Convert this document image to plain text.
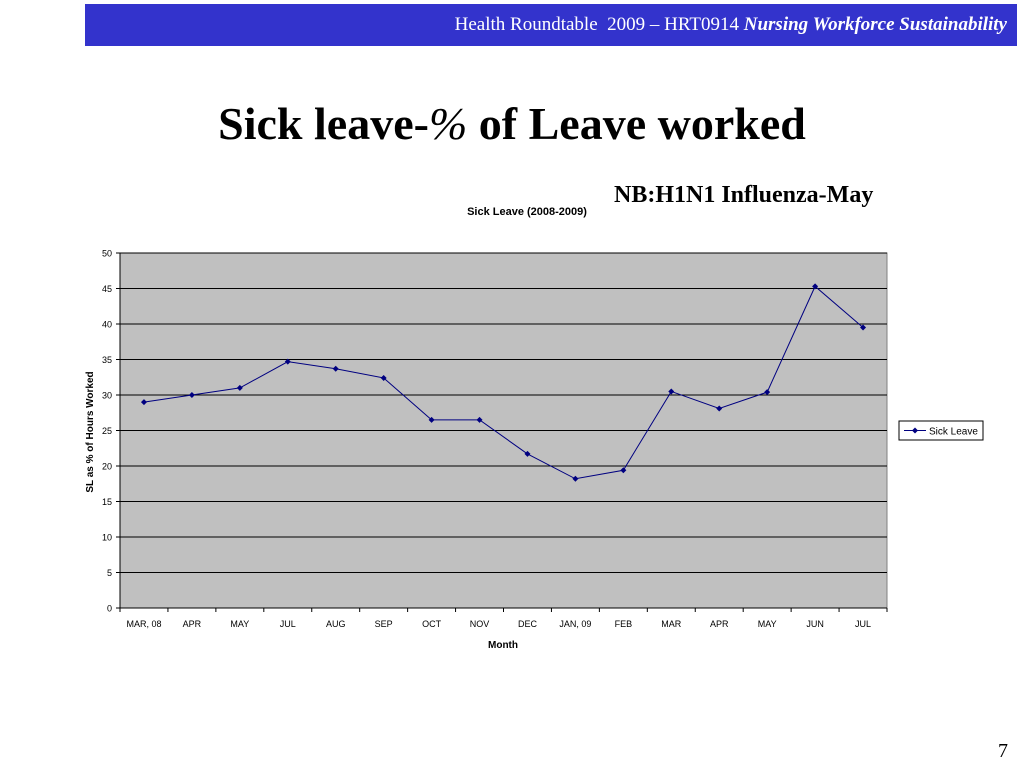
Health Roundtable  2009 – HRT0914 Nursing Workforce Sustainability
Sick leave-% of Leave worked
Sick Leave (2008-2009)
0
5
10
15
20
25
30
35
40
45
50
MAR, 08 APR	MAY	JUL	AUG	SEP	OCT	NOV	DEC JAN, 09	FEB	MAR	APR	MAY	JUN	JUL
SL as % of Hours Worked
Month
Sick Leave
NB:H1N1 Influenza-May
7
